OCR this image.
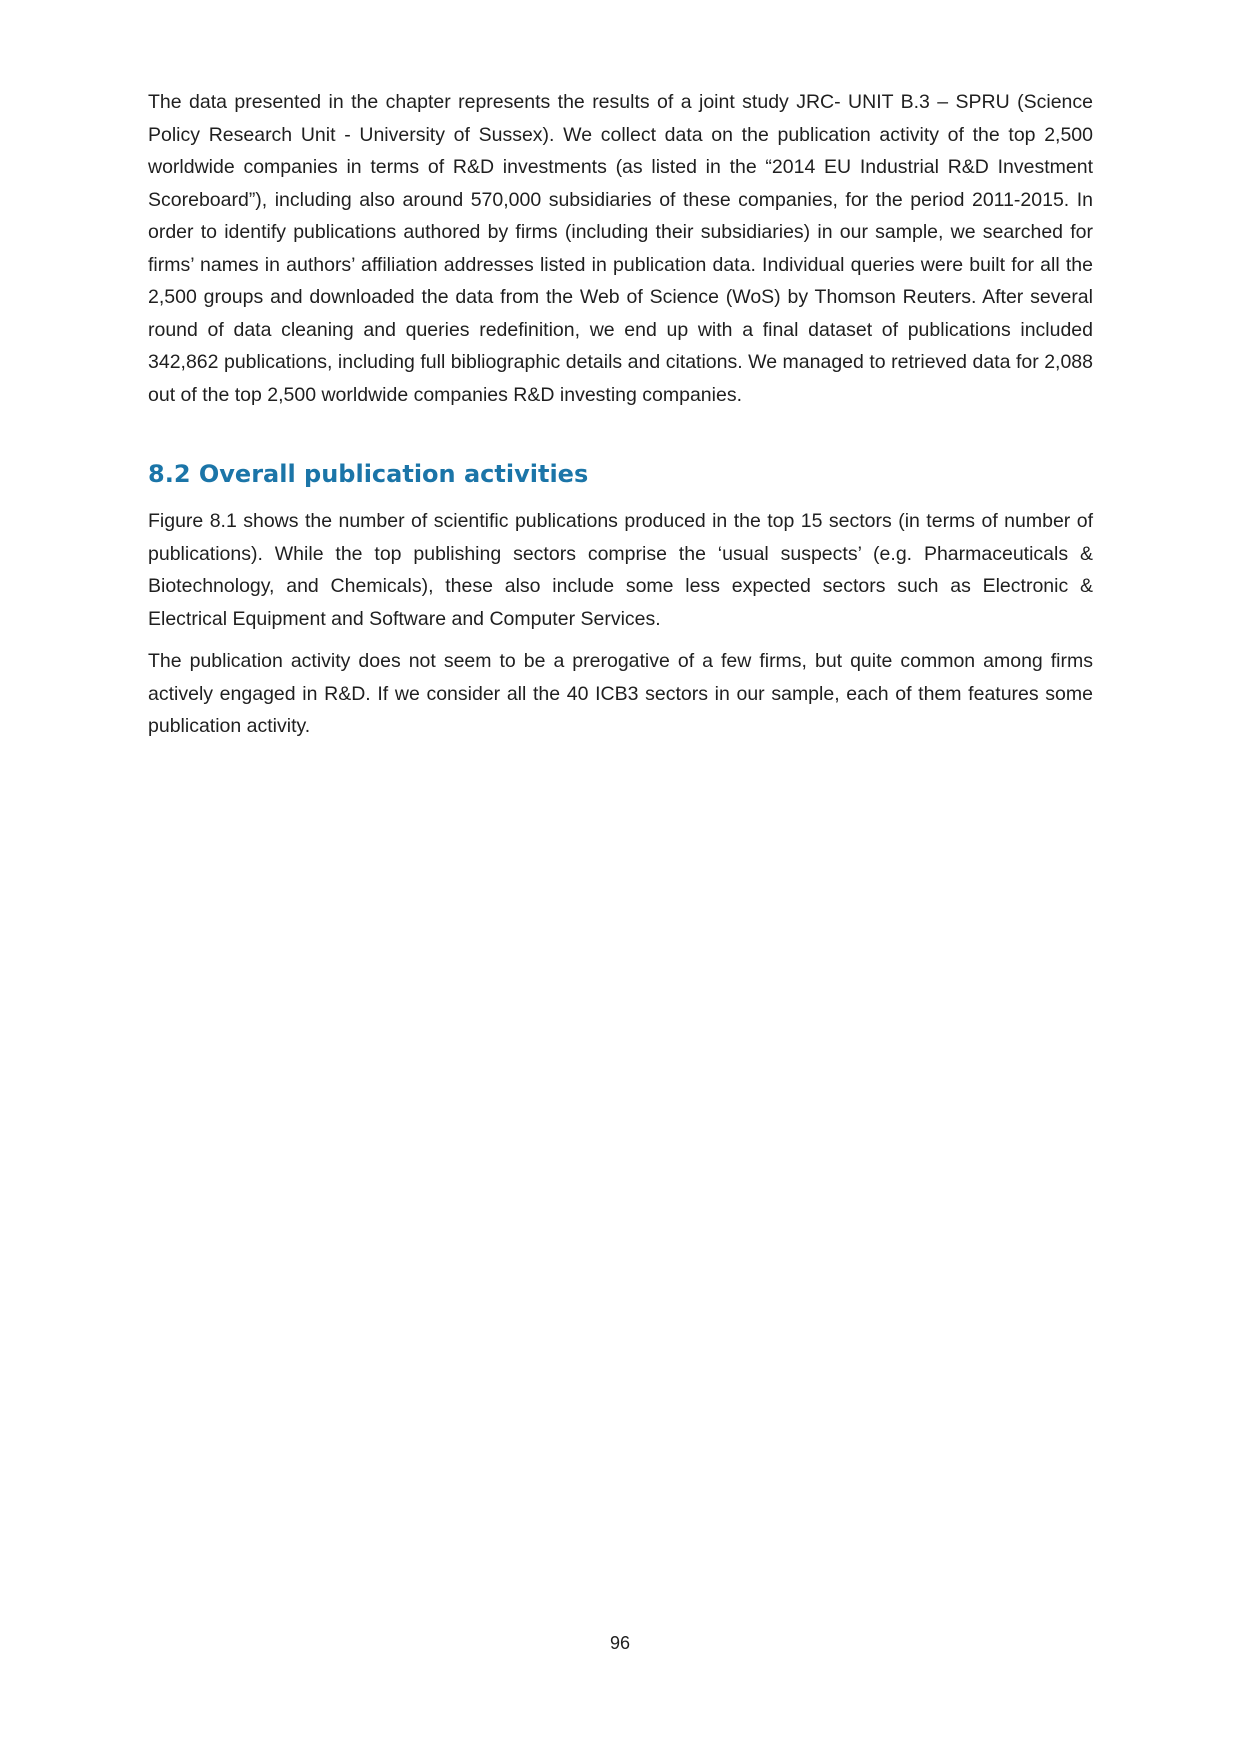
The data presented in the chapter represents the results of a joint study JRC- UNIT B.3 – SPRU (Science Policy Research Unit - University of Sussex). We collect data on the publication activity of the top 2,500 worldwide companies in terms of R&D investments (as listed in the “2014 EU Industrial R&D Investment Scoreboard”), including also around 570,000 subsidiaries of these companies, for the period 2011-2015. In order to identify publications authored by firms (including their subsidiaries) in our sample, we searched for firms’ names in authors’ affiliation addresses listed in publication data. Individual queries were built for all the 2,500 groups and downloaded the data from the Web of Science (WoS) by Thomson Reuters. After several round of data cleaning and queries redefinition, we end up with a final dataset of publications included 342,862 publications, including full bibliographic details and citations. We managed to retrieved data for 2,088 out of the top 2,500 worldwide companies R&D investing companies.

8.2 Overall publication activities

Figure 8.1 shows the number of scientific publications produced in the top 15 sectors (in terms of number of publications). While the top publishing sectors comprise the ‘usual suspects’ (e.g. Pharmaceuticals & Biotechnology, and Chemicals), these also include some less expected sectors such as Electronic & Electrical Equipment and Software and Computer Services.

The publication activity does not seem to be a prerogative of a few firms, but quite common among firms actively engaged in R&D. If we consider all the 40 ICB3 sectors in our sample, each of them features some publication activity.

96
